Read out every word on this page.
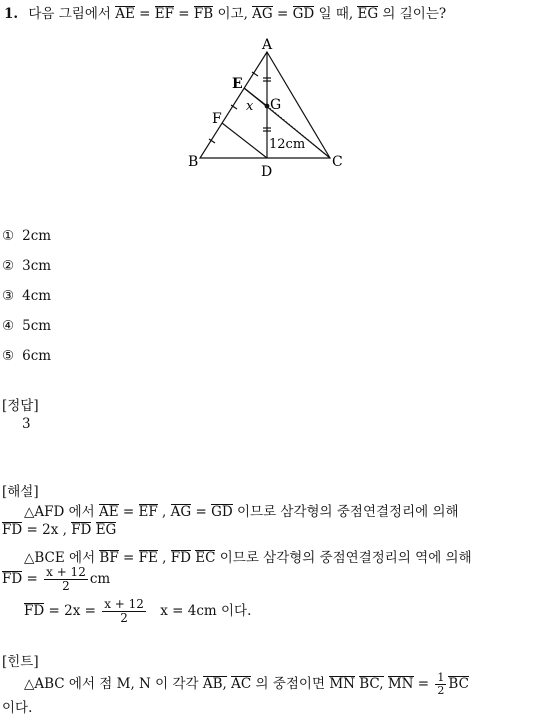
1. 다음 그림에서 AE = EF = FB 이고, AG = GD 일 때, EG 의 길이는?
A
B	C
D
E
F
G
x
12cm
① 2cm
② 3cm
③ 4cm
④ 5cm
⑤ 6cm
[정답]
3
[해설]
△AFD 에서 AE = EF , AG = GD 이므로 삼각형의 중점연결정리에 의해
FD = 2x , FD EG
△BCE 에서 BF = FE , FD EC 이므로 삼각형의 중점연결정리의 역에 의해
FD = $\frac{x + 12}{2}$ cm
FD = $2x = \frac{x + 12}{2}$ x = 4cm 이다.
[힌트]
△ABC 에서 점 M, N 이 각각 AB, AC 의 중점이면 MN BC, MN = $\frac{1}{2}$ BC
이다.
